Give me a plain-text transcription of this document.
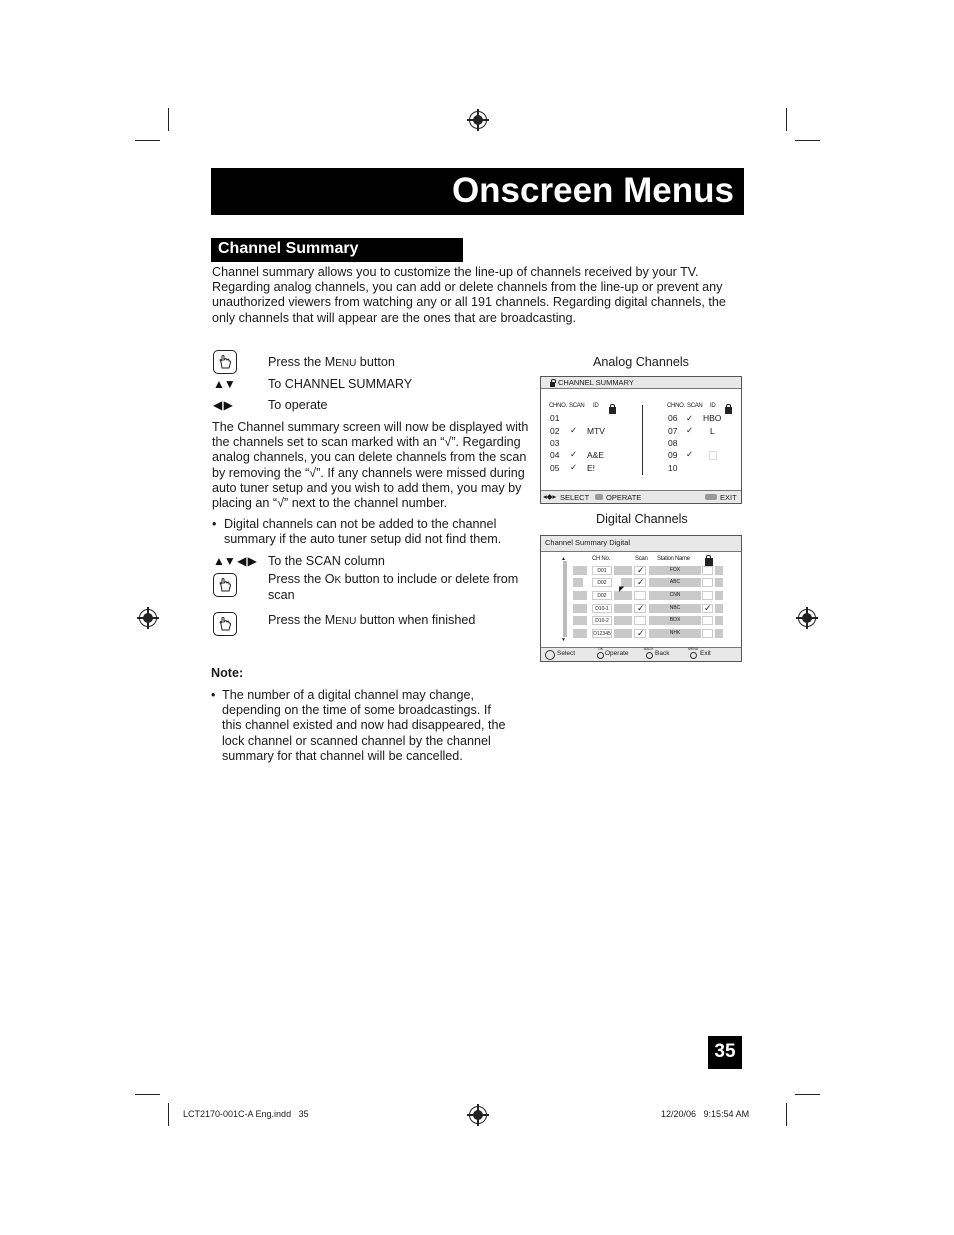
Onscreen Menus
Channel Summary
Channel summary allows you to customize the line-up of channels received by your TV.
Regarding analog channels, you can add or delete channels from the line-up or prevent any
unauthorized viewers from watching any or all 191 channels. Regarding digital channels, the
only channels that will appear are the ones that are broadcasting.
Press the MENU button
▲▼	To CHANNEL SUMMARY
◀ ▶	To operate
The Channel summary screen will now be displayed with
the channels set to scan marked with an “√”. Regarding
analog channels, you can delete channels from the scan
by removing the “√”. If any channels were missed during
auto tuner setup and you wish to add them, you may by
placing an “√” next to the channel number.
• Digital channels can not be added to the channel
summary if the auto tuner setup did not find them.
▲▼ ◀ ▶ To the SCAN column
Press the OK button to include or delete from
scan
Press the MENU button when finished
Note:
• The number of a digital channel may change,
depending on the time of some broadcastings. If
this channel existed and now had disappeared, the
lock channel or scanned channel by the channel
summary for that channel will be cancelled.
Analog Channels
CHANNEL SUMMARY
CHNO. SCAN ID	CHNO. SCAN ID
01
02 ✓ MTV
03
04 ✓ A&E
05 ✓ E!
06 ✓ HBO
07 ✓ L
08
09 ✓
10
◂◆▸ SELECT OPERATE	EXIT
Digital Channels
Channel Summary Digital
CH No.	Scan Station Name
▲
▼
D01	✓	FOX
D02	✓	ABC
D02	CNN
D10-1	✓	NBC	✓
D10-2	BOX
D12345	✓	NHK
◤
Select
OK
Operate
BACK
Back
MENU
Exit
35
LCT2170-001C-A Eng.indd   35	12/20/06   9:15:54 AM
